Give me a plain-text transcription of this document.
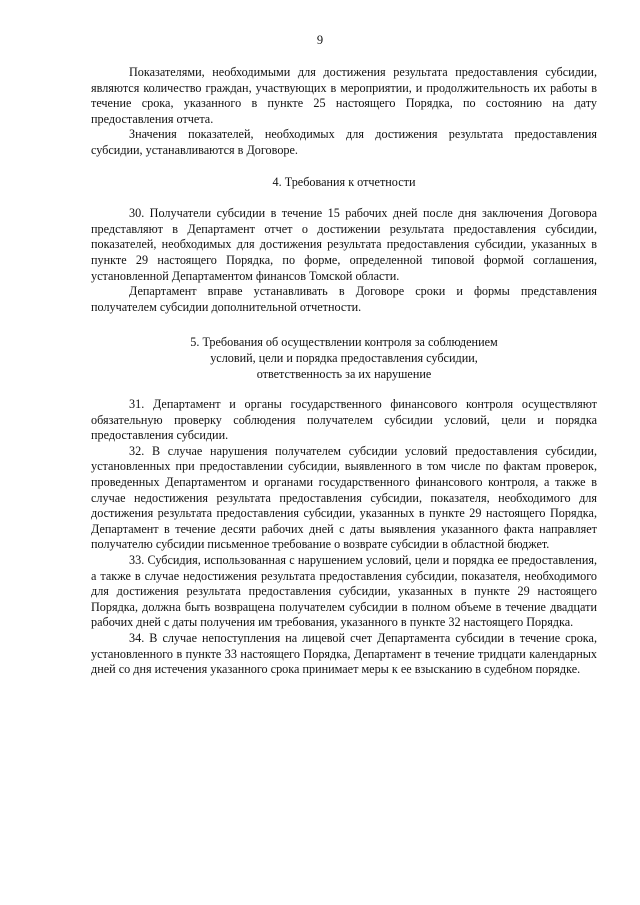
9

Показателями, необходимыми для достижения результата предоставления субсидии, являются количество граждан, участвующих в мероприятии, и продолжительность их работы в течение срока, указанного в пункте 25 настоящего Порядка, по состоянию на дату предоставления отчета.

Значения показателей, необходимых для достижения результата предоставления субсидии, устанавливаются в Договоре.

4. Требования к отчетности

30. Получатели субсидии в течение 15 рабочих дней после дня заключения Договора представляют в Департамент отчет о достижении результата предоставления субсидии, показателей, необходимых для достижения результата предоставления субсидии, указанных в пункте 29 настоящего Порядка, по форме, определенной типовой формой соглашения, установленной Департаментом финансов Томской области.

Департамент вправе устанавливать в Договоре сроки и формы представления получателем субсидии дополнительной отчетности.

5. Требования об осуществлении контроля за соблюдением
условий, цели и порядка предоставления субсидии,
ответственность за их нарушение

31. Департамент и органы государственного финансового контроля осуществляют обязательную проверку соблюдения получателем субсидии условий, цели и порядка предоставления субсидии.

32. В случае нарушения получателем субсидии условий предоставления субсидии, установленных при предоставлении субсидии, выявленного в том числе по фактам проверок, проведенных Департаментом и органами государственного финансового контроля, а также в случае недостижения результата предоставления субсидии, показателя, необходимого для достижения результата предоставления субсидии, указанных в пункте 29 настоящего Порядка, Департамент в течение десяти рабочих дней с даты выявления указанного факта направляет получателю субсидии письменное требование о возврате субсидии в областной бюджет.

33. Субсидия, использованная с нарушением условий, цели и порядка ее предоставления, а также в случае недостижения результата предоставления субсидии, показателя, необходимого для достижения результата предоставления субсидии, указанных в пункте 29 настоящего Порядка, должна быть возвращена получателем субсидии в полном объеме в течение двадцати рабочих дней с даты получения им требования, указанного в пункте 32 настоящего Порядка.

34. В случае непоступления на лицевой счет Департамента субсидии в течение срока, установленного в пункте 33 настоящего Порядка, Департамент в течение тридцати календарных дней со дня истечения указанного срока принимает меры к ее взысканию в судебном порядке.
